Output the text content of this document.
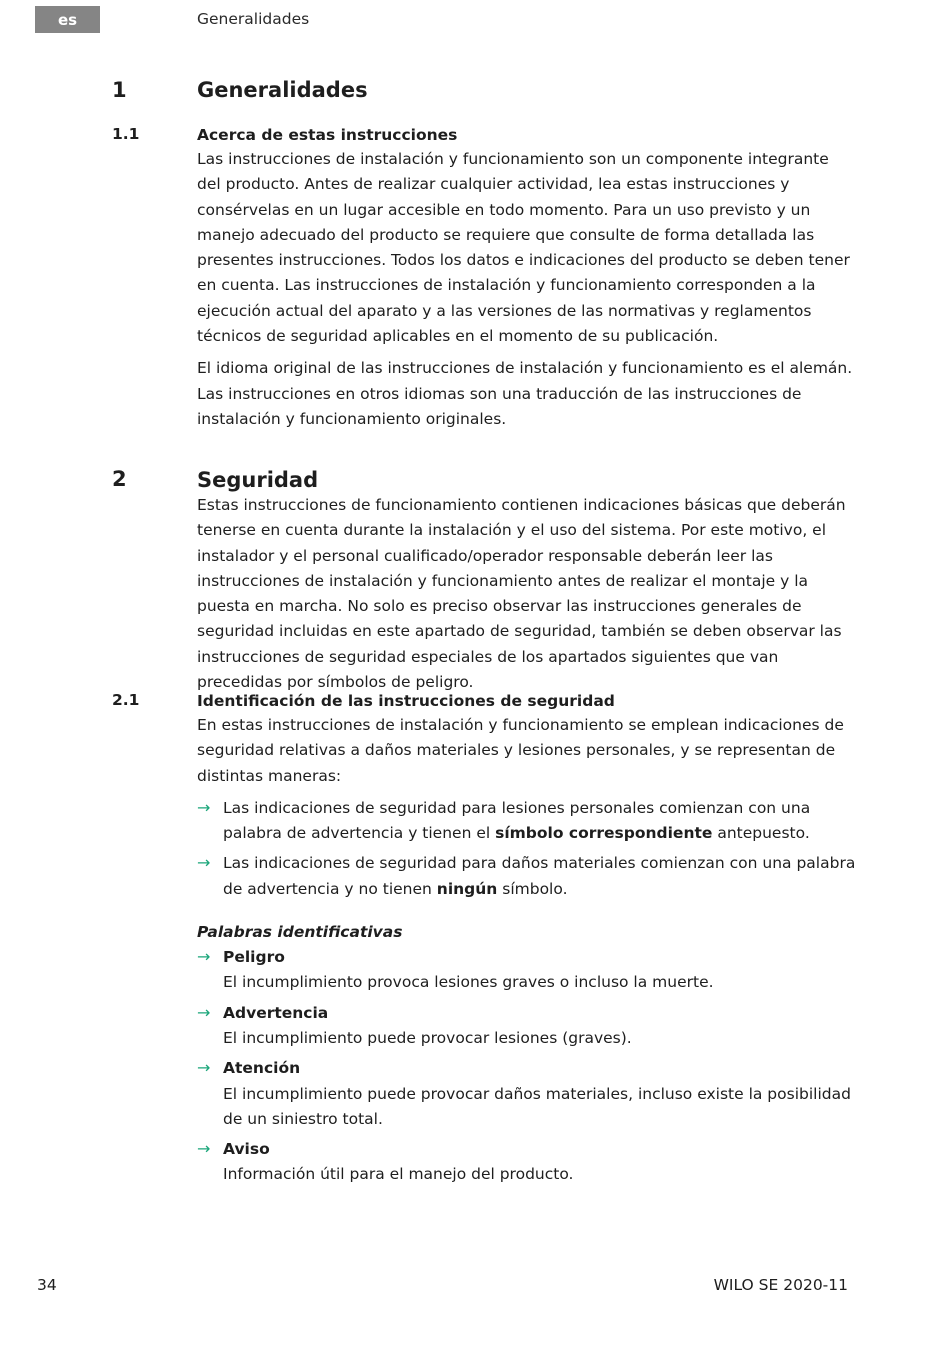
es	Generalidades
1	Generalidades
1.1	Acerca de estas instrucciones

Las instrucciones de instalación y funcionamiento son un componente integrante del producto. Antes de realizar cualquier actividad, lea estas instrucciones y consérvelas en un lugar accesible en todo momento. Para un uso previsto y un manejo adecuado del producto se requiere que consulte de forma detallada las presentes instrucciones. Todos los datos e indicaciones del producto se deben tener en cuenta. Las instrucciones de instalación y funcionamiento corresponden a la ejecución actual del aparato y a las versiones de las normativas y reglamentos técnicos de seguridad aplicables en el momento de su publicación.

El idioma original de las instrucciones de instalación y funcionamiento es el alemán. Las instrucciones en otros idiomas son una traducción de las instrucciones de instalación y funcionamiento originales.

2	Seguridad

Estas instrucciones de funcionamiento contienen indicaciones básicas que deberán tenerse en cuenta durante la instalación y el uso del sistema. Por este motivo, el instalador y el personal cualificado/operador responsable deberán leer las instrucciones de instalación y funcionamiento antes de realizar el montaje y la puesta en marcha. No solo es preciso observar las instrucciones generales de seguridad incluidas en este apartado de seguridad, también se deben observar las instrucciones de seguridad especiales de los apartados siguientes que van precedidas por símbolos de peligro.

2.1	Identificación de las instrucciones de seguridad

En estas instrucciones de instalación y funcionamiento se emplean indicaciones de seguridad relativas a daños materiales y lesiones personales, y se representan de distintas maneras:

→ Las indicaciones de seguridad para lesiones personales comienzan con una palabra de advertencia y tienen el símbolo correspondiente antepuesto.
→ Las indicaciones de seguridad para daños materiales comienzan con una palabra de advertencia y no tienen ningún símbolo.
Palabras identificativas
→ Peligro
El incumplimiento provoca lesiones graves o incluso la muerte.
→ Advertencia
El incumplimiento puede provocar lesiones (graves).
→ Atención
El incumplimiento puede provocar daños materiales, incluso existe la posibilidad de un siniestro total.
→ Aviso
Información útil para el manejo del producto.
34	WILO SE 2020-11
